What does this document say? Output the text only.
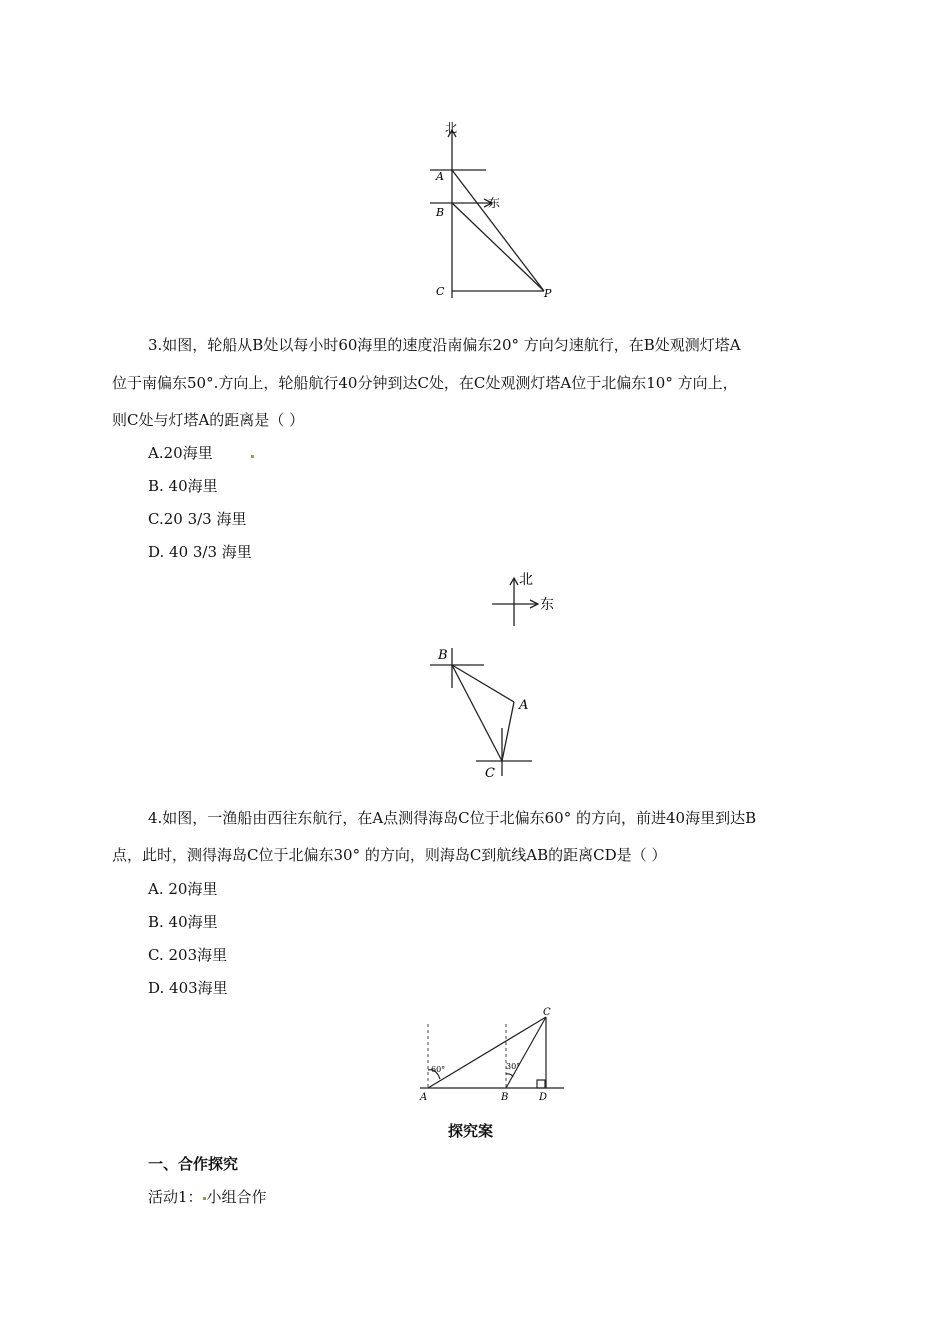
北
东
A
B
C	P
3.如图，轮船从B处以每小时60海里的速度沿南偏东20° 方向匀速航行，在B处观测灯塔A
位于南偏东50°.方向上，轮船航行40分钟到达C处，在C处观测灯塔A位于北偏东10° 方向上，
则C处与灯塔A的距离是（ ）
A.20海里
B. 40海里
C.20 3/3 海里
D. 40 3/3 海里
北
东
B
A
C
4.如图，一渔船由西往东航行，在A点测得海岛C位于北偏东60° 的方向，前进40海里到达B
点，此时，测得海岛C位于北偏东30° 的方向，则海岛C到航线AB的距离CD是（ ）
A. 20海里
B. 40海里
C. 203海里
D. 403海里
60°	30°
A	B	D
C
探究案
一、合作探究
活动1： 小组合作
